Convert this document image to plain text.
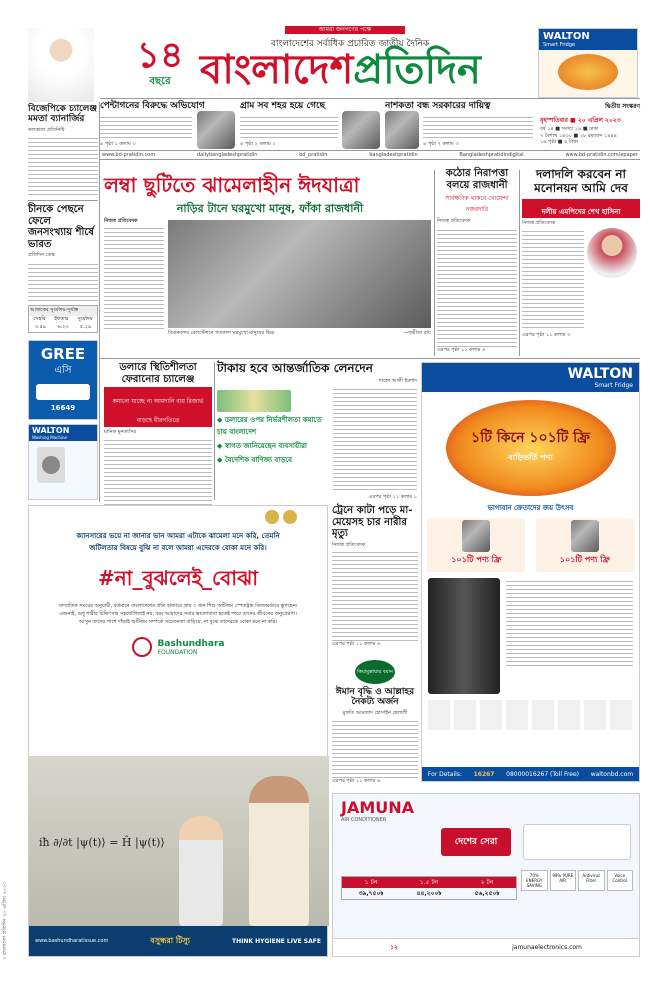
৩ বাংলাদেশ প্রতিদিন ২০ এপ্রিল ২০২৩
১৪
বছরে
আমরা জনগণের পক্ষে
বাংলাদেশের সর্বাধিক প্রচারিত জাতীয় দৈনিক
বাংলাদেশপ্রতিদিন
WALTON
Smart Fridge
পেন্টাগনের বিরুদ্ধে অভিযোগ
৪ পৃষ্ঠা ১ কলাম ৩
গ্রাম সব শহর হয়ে গেছে
৪ পৃষ্ঠা ২ কলাম ২
নাশকতা বন্ধ সরকারের দায়িত্ব
৪ পৃষ্ঠা ৭ কলাম ৩
দ্বিতীয় সংস্করণ
বৃহস্পতিবার ■ ২০ এপ্রিল ২০২৩
বর্ষ ১৪ ■ সংখ্যা ২৯ ■ ঢাকা
৭ বৈশাখ ১৪৩০ ■ ২৮ রমজান ১৪৪৪
১৬ পৃষ্ঠা ■ ৫ টাকা
www.bd-pratidin.com	dailybangladeshpratidin	bd_pratidin	bangladeshpratidin	Bangladeshpratidindigital	www.bd-pratidin.com/epaper
বিজেপিকে চ্যালেঞ্জ মমতা ব্যানার্জির
কলকাতা প্রতিনিধি
চীনকে পেছনে ফেলে জনসংখ্যায় শীর্ষে ভারত
প্রতিদিন ডেস্ক
আজকের সূর্যোদয়-সূর্যাস্ত
সেহরি ইফতার সূর্যোদয়
৩.৫৯ ৬.২৩ ৫.২৯
GREE
এসি
16649
WALTON
Washing Machine
লম্বা ছুটিতে ঝামেলাহীন ঈদযাত্রা
নাড়ির টানে ঘরমুখো মানুষ, ফাঁকা রাজধানী
নিজস্ব প্রতিবেদক
বিমানবন্দর রেলস্টেশনে গতকাল ঘরমুখো মানুষের ভিড়	—জয়ীতা রায়
কঠোর নিরাপত্তা বলয়ে রাজধানী
সার্বক্ষণিক থাকবে গোয়েন্দা নজরদারি
নিজস্ব প্রতিবেদক
এরপর পৃষ্ঠা ১১ কলাম ৪
দলাদলি করবেন না মনোনয়ন আমি দেব
দলীয় এমপিদের শেখ হাসিনা
নিজস্ব প্রতিবেদক
এরপর পৃষ্ঠা ১১ কলাম ৩
ডলারে স্থিতিশীলতা ফেরানোর চ্যালেঞ্জ
কমানো যাচ্ছে না আমদানি ব্যয় রিজার্ভ বাড়ছে ধীরগতিতে
মানিক মুনতাসির
টাকায় হবে আন্তর্জাতিক লেনদেন
শাহেদ আলী ইরশাদ
◆ ডলারের ওপর নির্ভরশীলতা কমাতে চায় বাংলাদেশ
◆ স্বাগত জানিয়েছেন ব্যবসায়ীরা
◆ বৈদেশিক বাণিজ্য বাড়বে
এরপর পৃষ্ঠা ১১ কলাম ১
WALTON
Smart Fridge
১টি কিনে ১০১টি ফ্রি
বাড়িভর্তি পণ্য
ভাগ্যবান ক্রেতাদের জয় উৎসব
১০১টি পণ্য ফ্রি	১০১টি পণ্য ফ্রি
For Details: 16267 08000016267 (Toll Free) waltonbd.com
ক্যানসারের ভয়ে না জানার ভান আমরা এটাকে ঝামেলা মনে করি, তেমনি
জটিলতার বিষয়ে বুঝি না বলে আমরা এদেরকে বোকা মনে করি।
#না_বুঝলেই_বোঝা
সাম্প্রতিক সময়ের অনুযায়ী, বর্তমানে বাংলাদেশের প্রতি হাজারে প্রায় ৩ জন শিশু অটিজম স্পেকট্রাম ডিজঅর্ডারে ভুগছেন।
এজন্যই, শুধু শারীর চিকিৎসার সহযোগিতাই নয়, বরং আমাদের সবার ভালোবাসা হতেই পারে তাদের জীবনের অনুপ্রেরণা।
আসুন তাদের পাশে দাঁড়াই অটিজম সম্পর্কে সচেতনতা বাড়িয়ে, না বুঝে তাদেরকে বোকা মনে না করি।
Bashundhara
FOUNDATION
iħ ∂/∂t |ψ(t)⟩ = Ĥ |ψ(t)⟩
www.bashundharatissue.com	বসুন্ধরা টিস্যু	THINK HYGIENE LIVE SAFE
ট্রেনে কাটা পড়ে মা-মেয়েসহ চার নারীর মৃত্যু
নিজস্ব প্রতিবেদক
এরপর পৃষ্ঠা ১১ কলাম ৬
কিয়ামুল্লায়ার বয়ান
ঈমান বৃদ্ধি ও আল্লাহর নৈকট্য অর্জন
মুফতি আমজাদ হোসাইন হেলালী
এরপর পৃষ্ঠা ১১ কলাম ৬
JAMUNA
AIR CONDITIONER
দেশের সেরা
70% ENERGY SAVING
99% PURE AIR
Antivirus Filter
Voice Control
১ টন	১.৫ টন	২ টন
৩৯,৭৫০৳	৪৪,২০০৳	৫৬,২৫০৳
১২	jamunaelectronics.com
